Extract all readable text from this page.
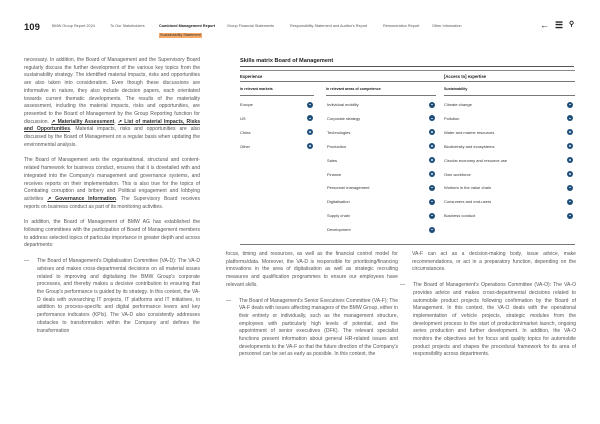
109	BMW Group Report 2024	To Our Stakeholders	Combined Management Report	Group Financial Statements	Responsibility Statement and Auditor's Report	Remuneration Report	Other Information
Sustainability Statement
← ☰ ⚲

necessary. In addition, the Board of Management and the Supervisory Board regularly discuss the further development of the various key topics from the sustainability strategy. The identified material impacts, risks and opportunities are also taken into consideration. Even though these discussions are informative in nature, they also include decision papers, each orientated towards current thematic developments. The results of the materiality assessment, including the material impacts, risks and opportunities, are presented to the Board of Management by the Group Reporting function for discussion. ↗ Materiality Assessment, ↗ List of material Impacts, Risks and Opportunities. Material impacts, risks and opportunities are also discussed by the Board of Management on a regular basis when updating the environmental analysis.

The Board of Management sets the organisational, structural and content-related framework for business conduct, ensures that it is dovetailed with and integrated into the Company's management and governance systems, and receives reports on their implementation. This is also true for the topics of Combating corruption and bribery and Political engagement and lobbying activities ↗ Governance Information. The Supervisory Board receives reports on business conduct as part of its monitoring activities.

In addition, the Board of Management of BMW AG has established the following committees with the participation of Board of Management members to address selected topics of particular importance in greater depth and across departments:

— The Board of Management's Digitalisation Committee (VA-D): The VA-D advises and makes cross-departmental decisions on all material issues related to improving and digitalising the BMW Group's corporate processes, and thereby makes a decisive contribution to ensuring that the Group's performance is guided by its strategy. In this context, the VA-D deals with overarching IT projects, IT platforms and IT initiatives, in addition to process-specific and digital performance levers and key performance indicators (KPIs). The VA-D also consistently addresses obstacles to transformation within the Company and defines the transformation
Skills matrix Board of Management
Experience	[Access to] expertise
In relevant markets	In relevant areas of competence	Sustainability
Europe
US
China
Other
Individual mobility
Corporate strategy
Technologies
Production
Sales
Finance
Personnel management
Digitalisation
Supply chain
Development
Climate change
Pollution
Water and marine resources
Biodiversity and ecosystems
Circular economy and resource use
Own workforce
Workers in the value chain
Consumers and end-users
Business conduct

focus, timing and resources, as well as the financial control model for platforms/data. Moreover, the VA-D is responsible for prioritising/financing innovations in the area of digitalisation as well as strategic recruiting measures and qualification programmes to ensure our employees have relevant skills.

— The Board of Management's Senior Executives Committee (VA-F): The VA-F deals with issues affecting managers of the BMW Group, either in their entirety or individually, such as the management structure, employees with particularly high levels of potential, and the appointment of senior executives (DFK). The relevant specialist functions present information about general HR-related issues and developments to the VA-F so that the future direction of the Company's personnel can be set as early as possible. In this context, the

VA-F can act as a decision-making body, issue advice, make recommendations, or act in a preparatory function, depending on the circumstances.

— The Board of Management's Operations Committee (VA-O): The VA-O provides advice and makes cross-departmental decisions related to automobile product projects following confirmation by the Board of Management. In this context, the VA-O deals with the operational implementation of vehicle projects, strategic modules from the development process to the start of production/market launch, ongoing series production and further development. In addition, the VA-O monitors the objectives set for focus and quality topics for automobile product projects and shapes the procedural framework for its area of responsibility across departments.
